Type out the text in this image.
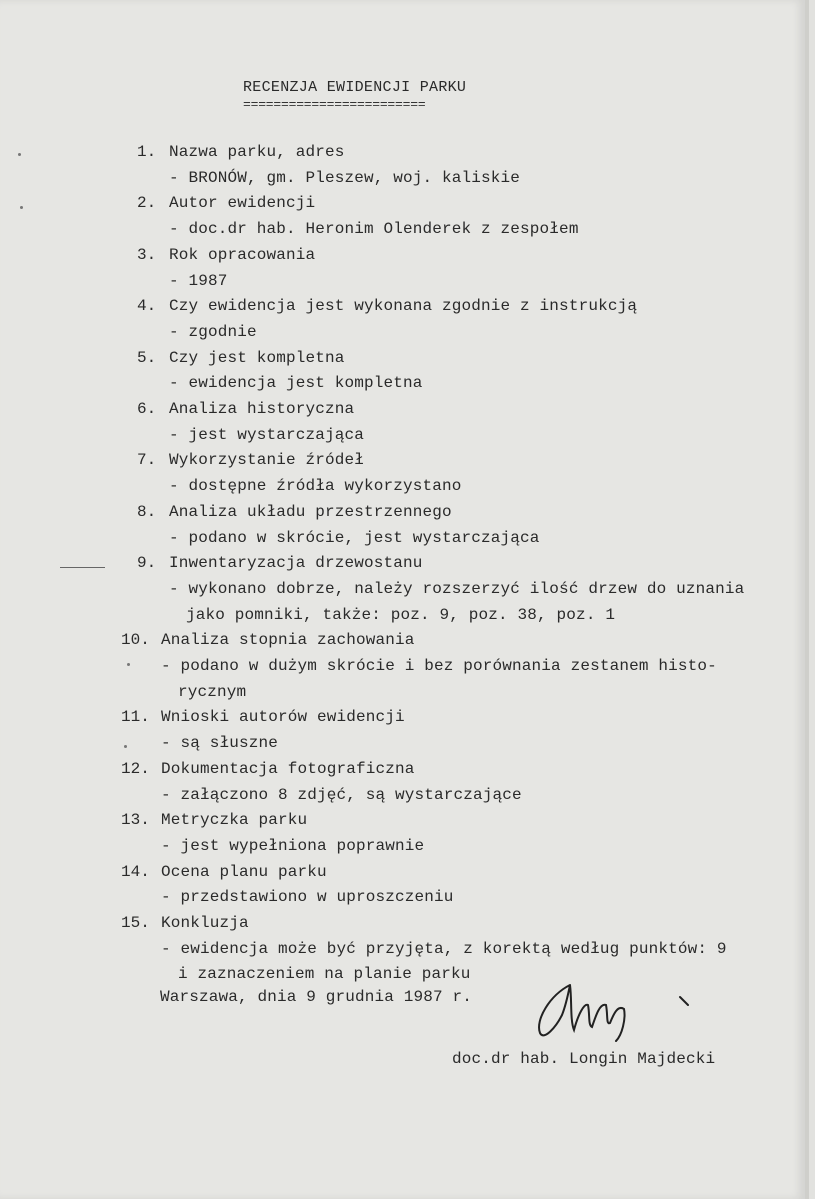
RECENZJA EWIDENCJI PARKU
========================
1. Nazwa parku, adres
- BRONÓW, gm. Pleszew, woj. kaliskie
2. Autor ewidencji
- doc.dr hab. Heronim Olenderek z zespołem
3. Rok opracowania
- 1987
4. Czy ewidencja jest wykonana zgodnie z instrukcją
- zgodnie
5. Czy jest kompletna
- ewidencja jest kompletna
6. Analiza historyczna
- jest wystarczająca
7. Wykorzystanie źródeł
- dostępne źródła wykorzystano
8. Analiza układu przestrzennego
- podano w skrócie, jest wystarczająca
9. Inwentaryzacja drzewostanu
- wykonano dobrze, należy rozszerzyć ilość drzew do uznania
jako pomniki, także: poz. 9, poz. 38, poz. 1
10. Analiza stopnia zachowania
- podano w dużym skrócie i bez porównania zestanem histo-
rycznym
11. Wnioski autorów ewidencji
- są słuszne
12. Dokumentacja fotograficzna
- załączono 8 zdjęć, są wystarczające
13. Metryczka parku
- jest wypełniona poprawnie
14. Ocena planu parku
- przedstawiono w uproszczeniu
15. Konkluzja
- ewidencja może być przyjęta, z korektą według punktów: 9
i zaznaczeniem na planie parku
Warszawa, dnia 9 grudnia 1987 r.
doc.dr hab. Longin Majdecki
